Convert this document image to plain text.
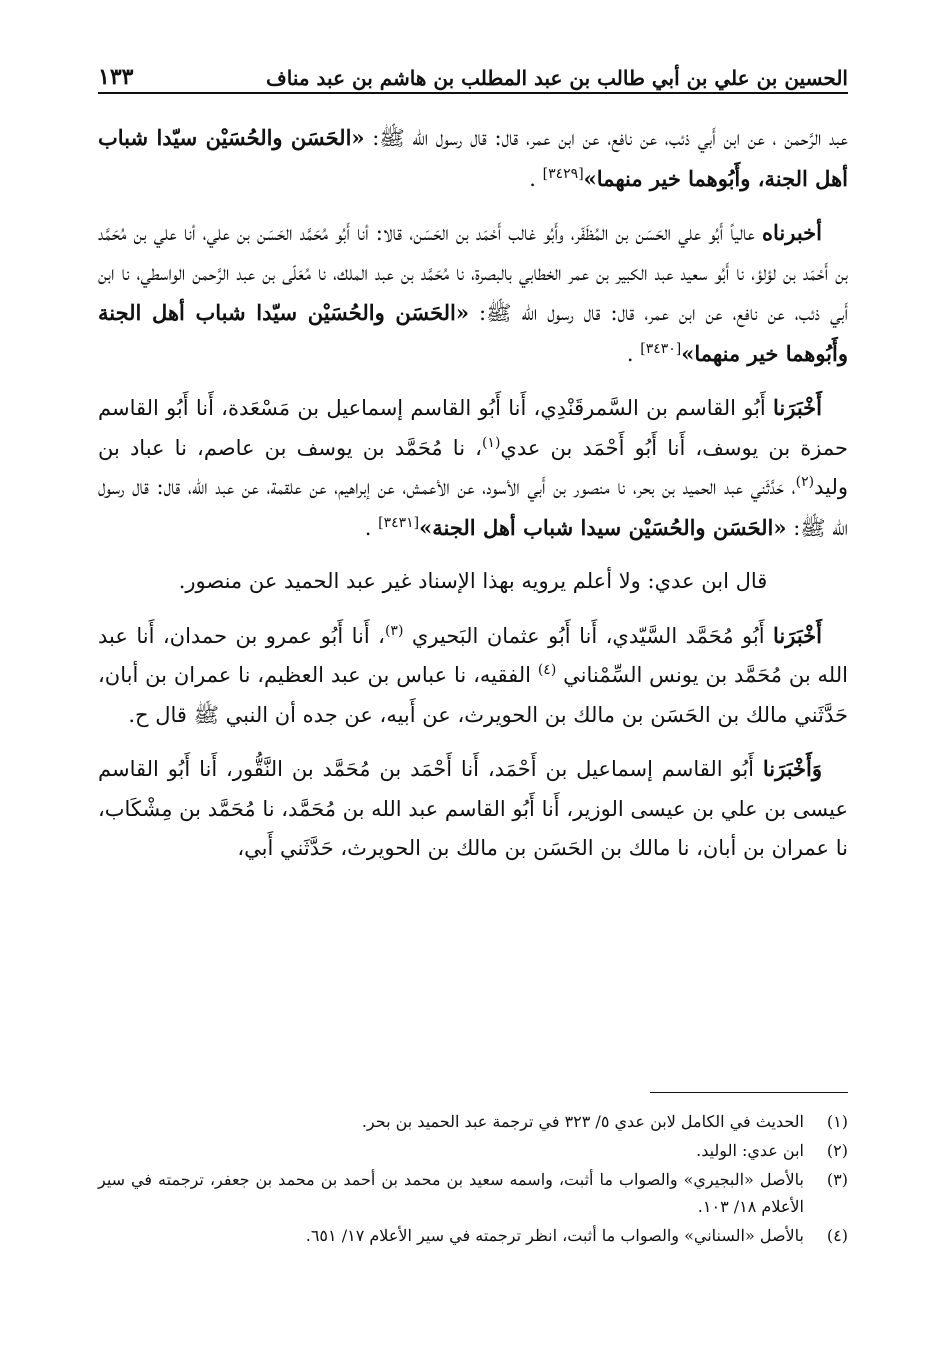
الحسين بن علي بن أبي طالب بن عبد المطلب بن هاشم بن عبد مناف
١٣٣

عبد الرَّحمن ، عن ابن أَبي ذئب، عن نافع، عن ابن عمر، قال: قال رسول الله ﷺ: «الحَسَن والحُسَيْن سيّدا شباب أهل الجنة، وأَبُوهما خير منهما»[٣٤٢٩] .

أخبرناه عالياً أَبُو علي الحَسَن بن المُظَفّر، وأَبُو غالب أَحْمَد بن الحَسَن، قالا: أنا أَبُو مُحَمَّد الحَسَن بن علي، أنا علي بن مُحَمَّد بن أَحْمَد بن لؤلؤ، نا أَبُو سعيد عبد الكبير بن عمر الخطابي بالبصرة، نا مُحَمَّد بن عبد الملك، نا مُعَلّى بن عبد الرَّحمن الواسطي، نا ابن أَبي ذئب، عن نافع، عن ابن عمر، قال: قال رسول الله ﷺ: «الحَسَن والحُسَيْن سيّدا شباب أهل الجنة وأَبُوهما خير منهما»[٣٤٣٠] .

أَخْبَرَنا أَبُو القاسم بن السَّمرقَنْدِي، أَنا أَبُو القاسم إسماعيل بن مَسْعَدة، أَنا أَبُو القاسم حمزة بن يوسف، أَنا أَبُو أَحْمَد بن عدي$^{(١)}$، نا مُحَمَّد بن يوسف بن عاصم، نا عباد بن وليد$^{(٢)}$، حَدَّثَني عبد الحميد بن بحر، نا منصور بن أَبي الأسود، عن الأعمش، عن إبراهيم، عن علقمة، عن عبد الله، قال: قال رسول الله ﷺ: «الحَسَن والحُسَيْن سيدا شباب أهل الجنة»[٣٤٣١] .

قال ابن عدي: ولا أعلم يرويه بهذا الإسناد غير عبد الحميد عن منصور.

أَخْبَرَنا أَبُو مُحَمَّد السَّيّدي، أَنا أَبُو عثمان البَحيري $^{(٣)}$، أَنا أَبُو عمرو بن حمدان، أَنا عبد الله بن مُحَمَّد بن يونس السِّمْناني $^{(٤)}$ الفقيه، نا عباس بن عبد العظيم، نا عمران بن أبان، حَدَّثَني مالك بن الحَسَن بن مالك بن الحويرث، عن أَبيه، عن جده أن النبي ﷺ قال ح.

وَأَخْبَرَنا أَبُو القاسم إسماعيل بن أَحْمَد، أَنا أَحْمَد بن مُحَمَّد بن النَّقُّور، أَنا أَبُو القاسم عيسى بن علي بن عيسى الوزير، أَنا أَبُو القاسم عبد الله بن مُحَمَّد، نا مُحَمَّد بن مِشْكَاب، نا عمران بن أبان، نا مالك بن الحَسَن بن مالك بن الحويرث، حَدَّثَني أَبي،

(١)
الحديث في الكامل لابن عدي ٥/ ٣٢٣ في ترجمة عبد الحميد بن بحر.
(٢)
ابن عدي: الوليد.
(٣)
بالأصل «البجيري» والصواب ما أثبت، واسمه سعيد بن محمد بن أحمد بن محمد بن جعفر، ترجمته في سير الأعلام ١٨/ ١٠٣.
(٤)
بالأصل «السناني» والصواب ما أثبت، انظر ترجمته في سير الأعلام ١٧/ ٦٥١.
